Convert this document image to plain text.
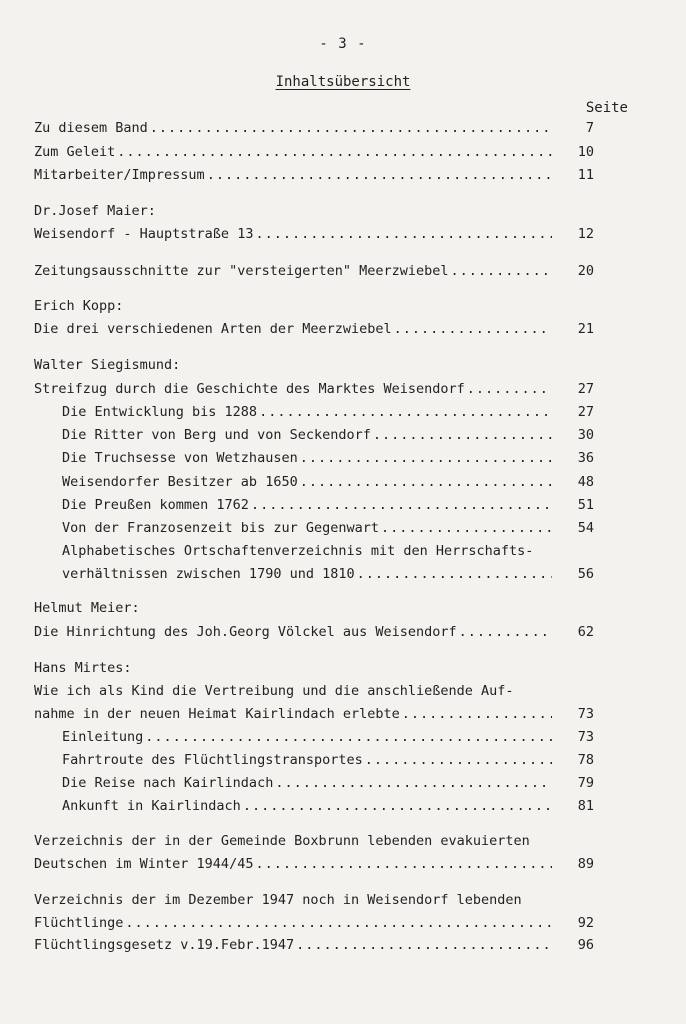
- 3 -
Inhaltsübersicht
Seite
Zu diesem Band .....	7
Zum Geleit .....	10
Mitarbeiter/Impressum .....	11
Dr.Josef Maier:
Weisendorf - Hauptstraße 13 .....	12
Zeitungsausschnitte zur "versteigerten" Meerzwiebel .....	20
Erich Kopp:
Die drei verschiedenen Arten der Meerzwiebel .....	21
Walter Siegismund:
Streifzug durch die Geschichte des Marktes Weisendorf .....	27
Die Entwicklung bis 1288 .....	27
Die Ritter von Berg und von Seckendorf .....	30
Die Truchsesse von Wetzhausen .....	36
Weisendorfer Besitzer ab 1650 .....	48
Die Preußen kommen 1762 .....	51
Von der Franzosenzeit bis zur Gegenwart .....	54
Alphabetisches Ortschaftenverzeichnis mit den Herrschafts-
verhältnissen zwischen 1790 und 1810 .....	56
Helmut Meier:
Die Hinrichtung des Joh.Georg Völckel aus Weisendorf .....	62
Hans Mirtes:
Wie ich als Kind die Vertreibung und die anschließende Auf-
nahme in der neuen Heimat Kairlindach erlebte .....	73
Einleitung .....	73
Fahrtroute des Flüchtlingstransportes .....	78
Die Reise nach Kairlindach .....	79
Ankunft in Kairlindach .....	81
Verzeichnis der in der Gemeinde Boxbrunn lebenden evakuierten
Deutschen im Winter 1944/45 .....	89
Verzeichnis der im Dezember 1947 noch in Weisendorf lebenden
Flüchtlinge .....	92
Flüchtlingsgesetz v.19.Febr.1947 .....	96
